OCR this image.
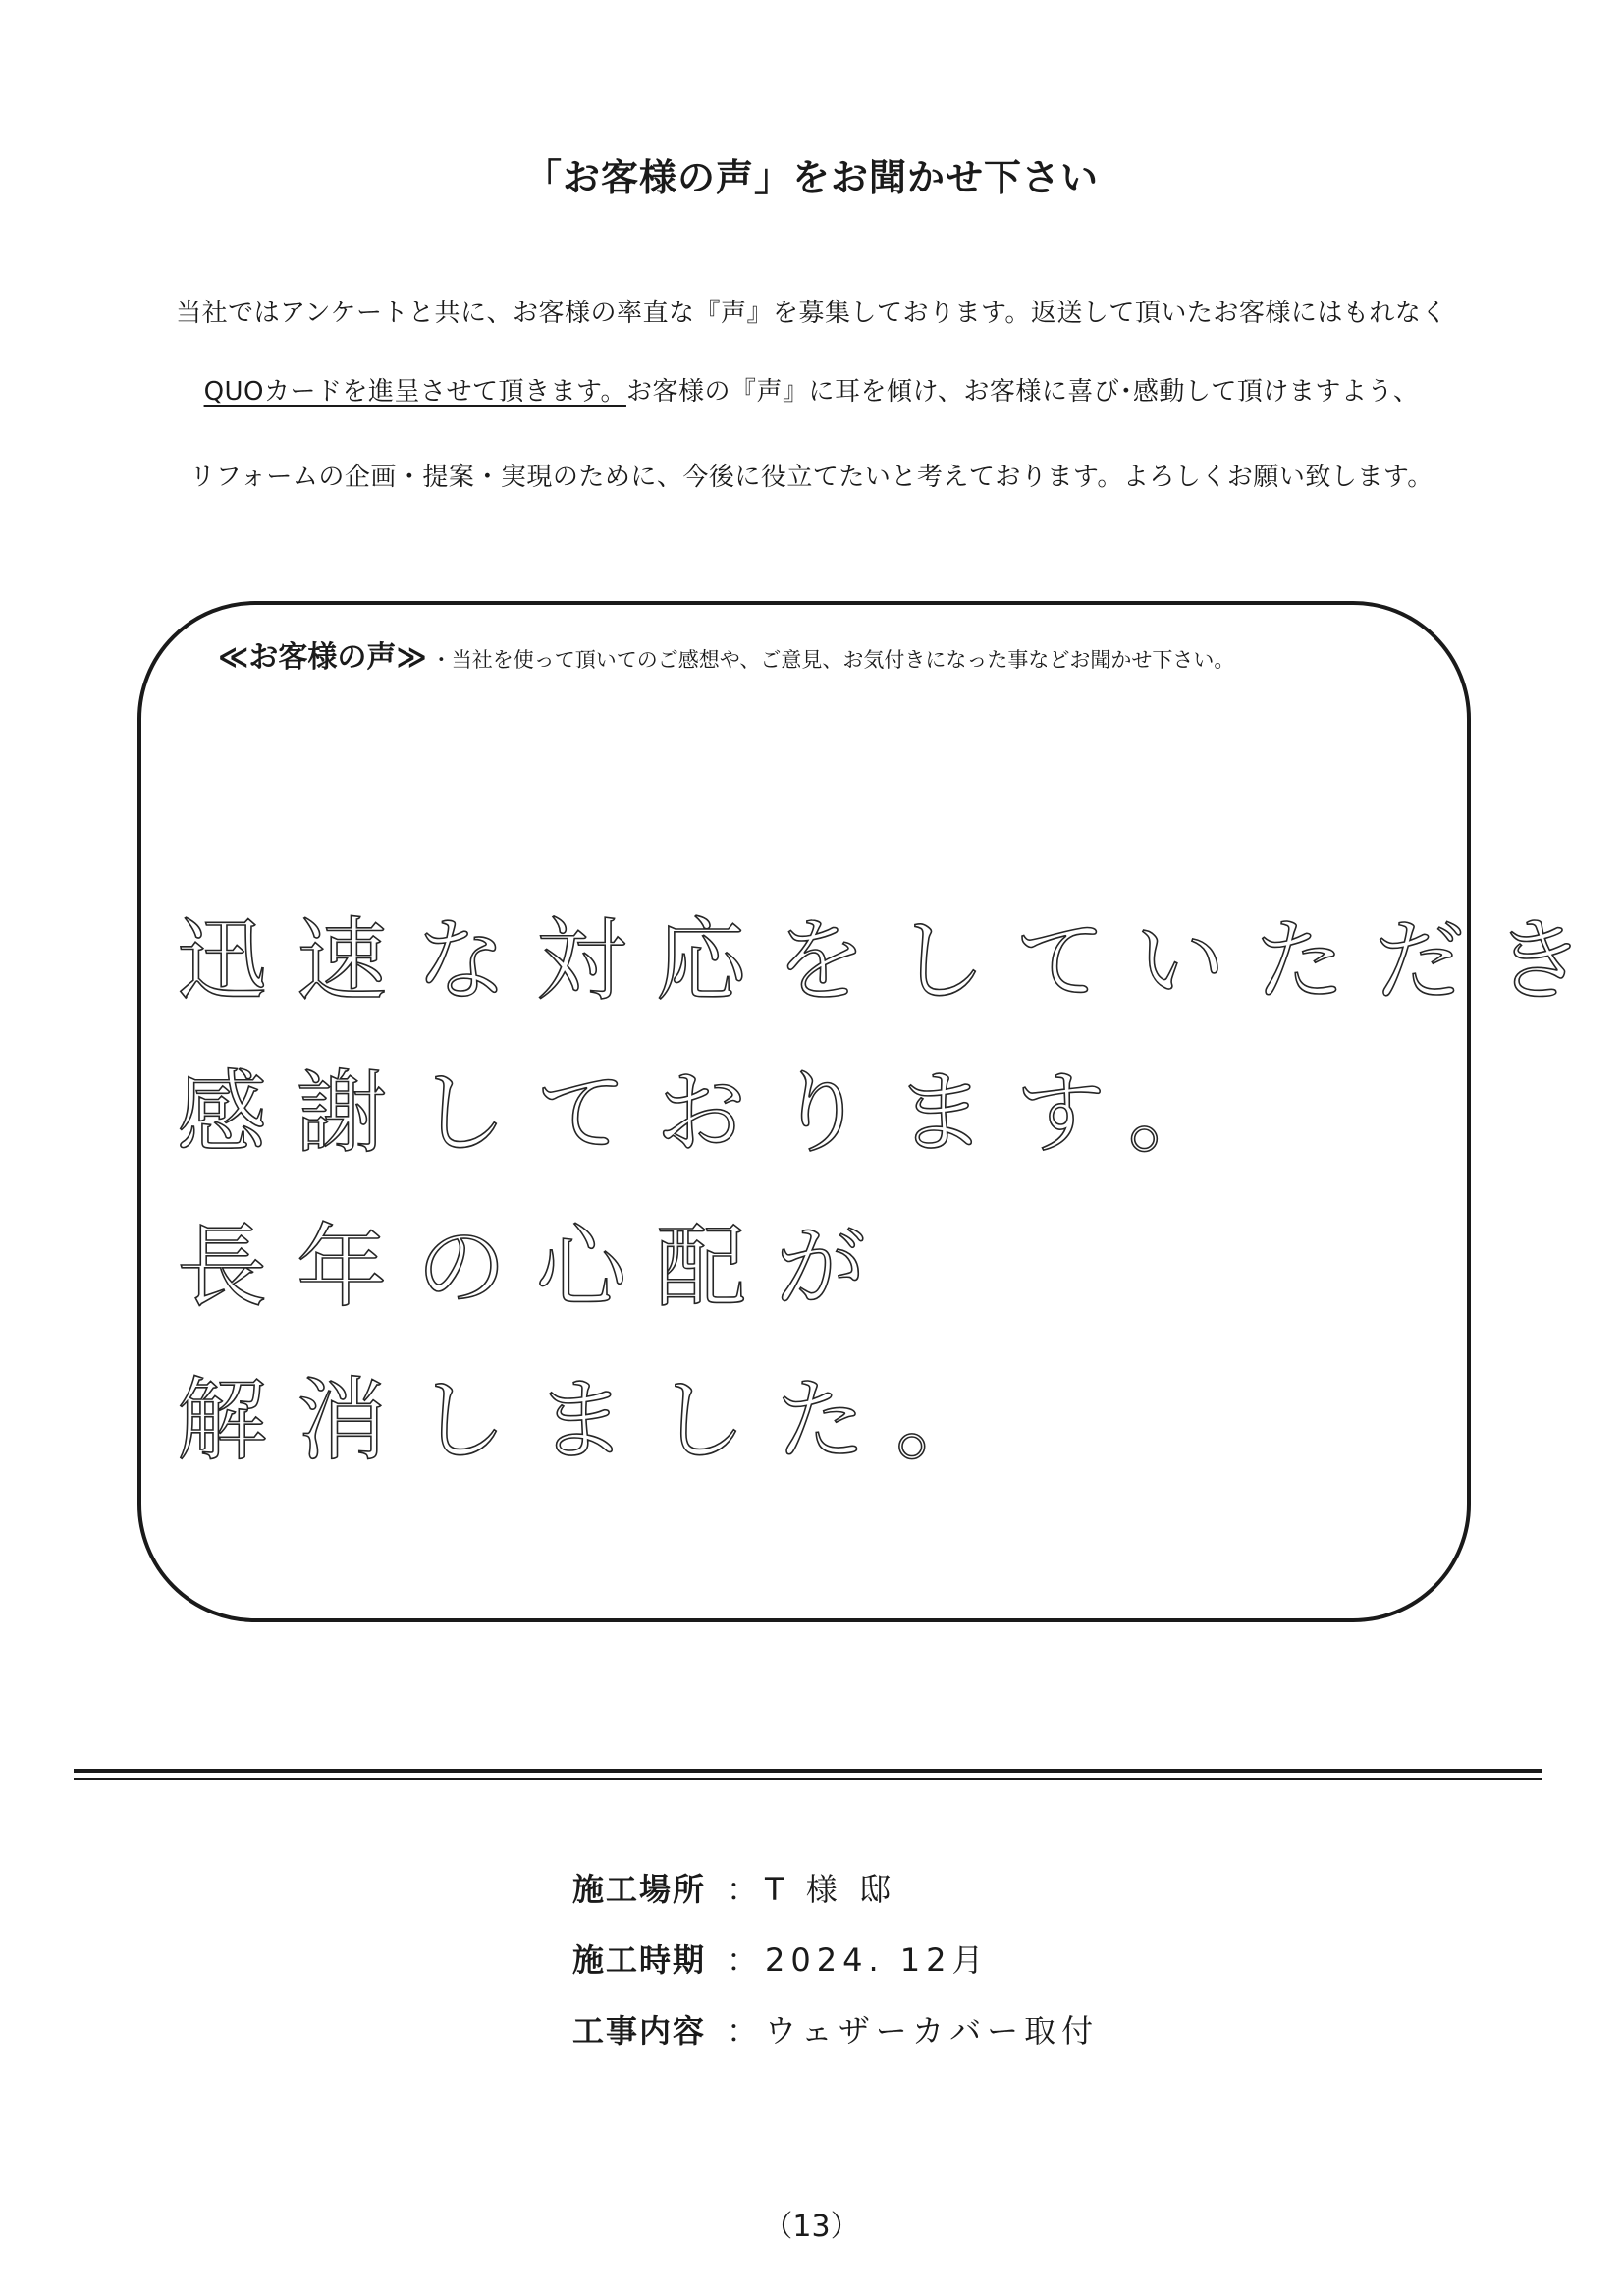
「お客様の声」をお聞かせ下さい
当社ではアンケートと共に、お客様の率直な『声』を募集しております。返送して頂いたお客様にはもれなく
QUOカードを進呈させて頂きます。お客様の『声』に耳を傾け、お客様に喜び･感動して頂けますよう、
リフォームの企画・提案・実現のために、今後に役立てたいと考えております。よろしくお願い致します。
≪お客様の声≫ ・当社を使って頂いてのご感想や、ご意見、お気付きになった事などお聞かせ下さい。
迅速な対応をしていただき
感謝しております。
長年の心配が
解消しました。
施工場所 ： T 様 邸
施工時期 ： 2024. 12月
工事内容 ： ウェザーカバー取付
（13）
